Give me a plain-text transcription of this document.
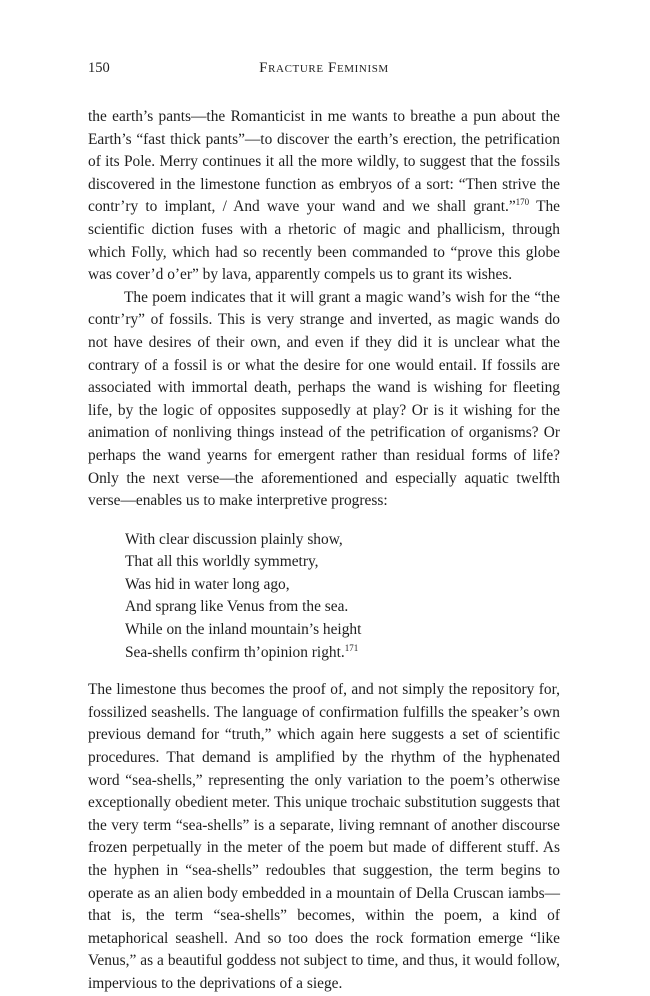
150	Fracture Feminism

the earth’s pants—the Romanticist in me wants to breathe a pun about the Earth’s “fast thick pants”—to discover the earth’s erection, the petrification of its Pole. Merry continues it all the more wildly, to suggest that the fossils discovered in the limestone function as embryos of a sort: “Then strive the contr’ry to implant, / And wave your wand and we shall grant.”$^{170}$ The scientific diction fuses with a rhetoric of magic and phallicism, through which Folly, which had so recently been commanded to “prove this globe was cover’d o’er” by lava, apparently compels us to grant its wishes.

The poem indicates that it will grant a magic wand’s wish for the “the contr’ry” of fossils. This is very strange and inverted, as magic wands do not have desires of their own, and even if they did it is unclear what the contrary of a fossil is or what the desire for one would entail. If fossils are associated with immortal death, perhaps the wand is wishing for fleeting life, by the logic of opposites supposedly at play? Or is it wishing for the animation of nonliving things instead of the petrification of organisms? Or perhaps the wand yearns for emergent rather than residual forms of life? Only the next verse—the aforementioned and especially aquatic twelfth verse—enables us to make interpretive progress:

With clear discussion plainly show,
That all this worldly symmetry,
Was hid in water long ago,
And sprang like Venus from the sea.
While on the inland mountain’s height
Sea-shells confirm th’opinion right.$^{171}$

The limestone thus becomes the proof of, and not simply the repository for, fossilized seashells. The language of confirmation fulfills the speaker’s own previous demand for “truth,” which again here suggests a set of scientific procedures. That demand is amplified by the rhythm of the hyphenated word “sea-shells,” representing the only variation to the poem’s otherwise exceptionally obedient meter. This unique trochaic substitution suggests that the very term “sea-shells” is a separate, living remnant of another discourse frozen perpetually in the meter of the poem but made of different stuff. As the hyphen in “sea-shells” redoubles that suggestion, the term begins to operate as an alien body embedded in a mountain of Della Cruscan iambs—that is, the term “sea-shells” becomes, within the poem, a kind of metaphorical seashell. And so too does the rock formation emerge “like Venus,” as a beautiful goddess not subject to time, and thus, it would follow, impervious to the deprivations of a siege.
